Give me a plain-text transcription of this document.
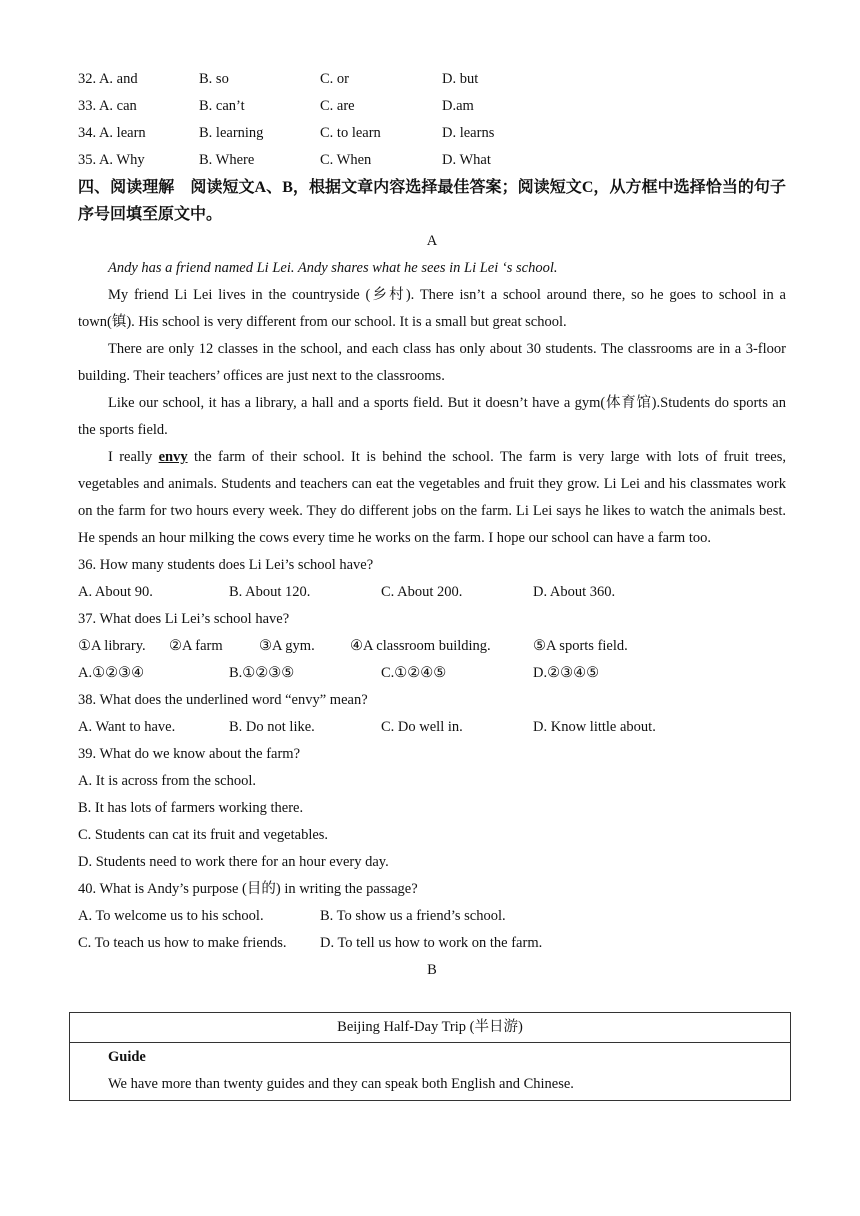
32. A. and	B. so	C. or	D. but
33. A. can	B. can’t	C. are	D.am
34. A. learn	B. learning	C. to learn	D. learns
35. A. Why	B. Where	C. When	D. What
四、阅读理解　阅读短文A、B，根据文章内容选择最佳答案；阅读短文C，从方框中选择恰当的句子序号回填至原文中。
A
Andy has a friend named Li Lei. Andy shares what he sees in Li Lei ‘s school.
My friend Li Lei lives in the countryside (乡村). There isn’t a school around there, so he goes to school in a town(镇). His school is very different from our school. It is a small but great school.
There are only 12 classes in the school, and each class has only about 30 students. The classrooms are in a 3-floor building. Their teachers’ offices are just next to the classrooms.
Like our school, it has a library, a hall and a sports field. But it doesn’t have a gym(体育馆).Students do sports an the sports field.
I really envy the farm of their school. It is behind the school. The farm is very large with lots of fruit trees, vegetables and animals. Students and teachers can eat the vegetables and fruit they grow. Li Lei and his classmates work on the farm for two hours every week. They do different jobs on the farm. Li Lei says he likes to watch the animals best. He spends an hour milking the cows every time he works on the farm. I hope our school can have a farm too.
36. How many students does Li Lei’s school have?
A. About 90.	B. About 120.	C. About 200.	D. About 360.
37. What does Li Lei’s school have?
①A library. ②A farm	③A gym. ④A classroom building.	⑤A sports field.
A.①②③④	B.①②③⑤	C.①②④⑤	D.②③④⑤
38. What does the underlined word “envy” mean?
A. Want to have.	B. Do not like.	C. Do well in.	D. Know little about.
39. What do we know about the farm?
A. It is across from the school.
B. It has lots of farmers working there.
C. Students can cat its fruit and vegetables.
D. Students need to work there for an hour every day.
40. What is Andy’s purpose (目的) in writing the passage?
A. To welcome us to his school.	B. To show us a friend’s school.
C. To teach us how to make friends. D. To tell us how to work on the farm.
B
Beijing Half-Day Trip (半日游)
Guide
We have more than twenty guides and they can speak both English and Chinese.
